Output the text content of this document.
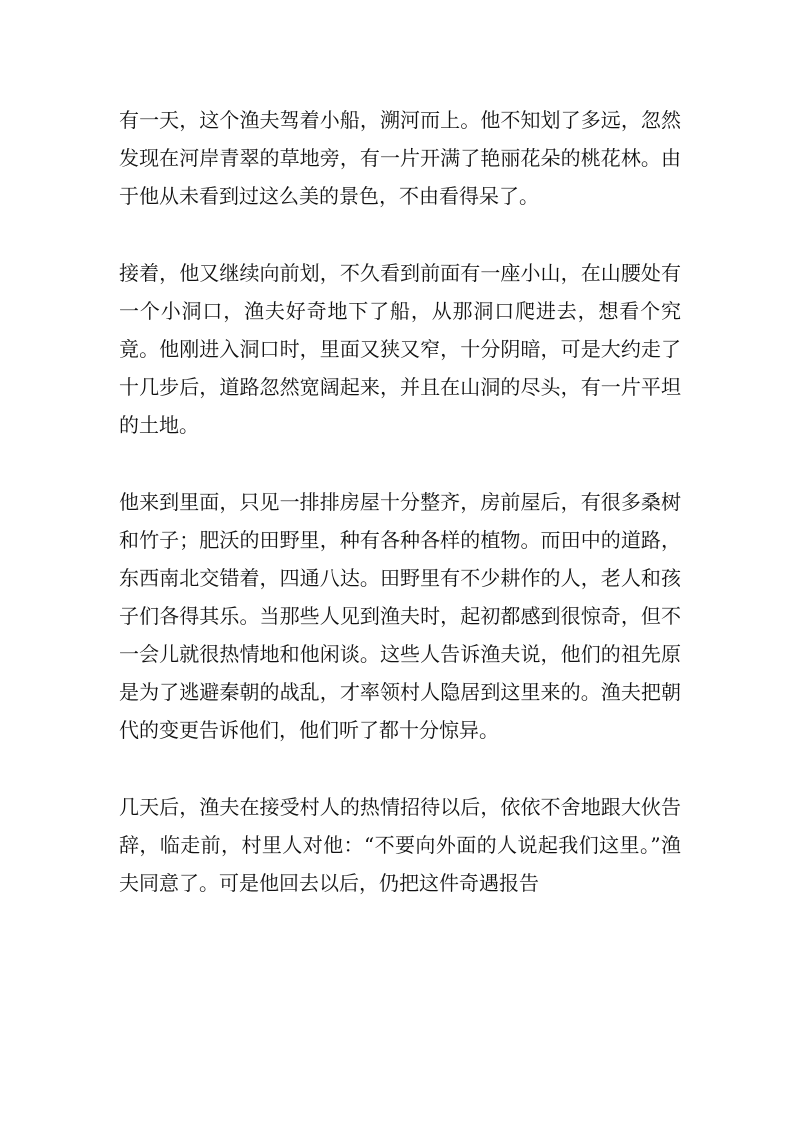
有一天，这个渔夫驾着小船，溯河而上。他不知划了多远，忽然发现在河岸青翠的草地旁，有一片开满了艳丽花朵的桃花林。由于他从未看到过这么美的景色，不由看得呆了。

接着，他又继续向前划，不久看到前面有一座小山，在山腰处有一个小洞口，渔夫好奇地下了船，从那洞口爬进去，想看个究竟。他刚进入洞口时，里面又狭又窄，十分阴暗，可是大约走了十几步后，道路忽然宽阔起来，并且在山洞的尽头，有一片平坦的土地。

他来到里面，只见一排排房屋十分整齐，房前屋后，有很多桑树和竹子；肥沃的田野里，种有各种各样的植物。而田中的道路，东西南北交错着，四通八达。田野里有不少耕作的人，老人和孩子们各得其乐。当那些人见到渔夫时，起初都感到很惊奇，但不一会儿就很热情地和他闲谈。这些人告诉渔夫说，他们的祖先原是为了逃避秦朝的战乱，才率领村人隐居到这里来的。渔夫把朝代的变更告诉他们，他们听了都十分惊异。

几天后，渔夫在接受村人的热情招待以后，依依不舍地跟大伙告辞，临走前，村里人对他：“不要向外面的人说起我们这里。”渔夫同意了。可是他回去以后，仍把这件奇遇报告
